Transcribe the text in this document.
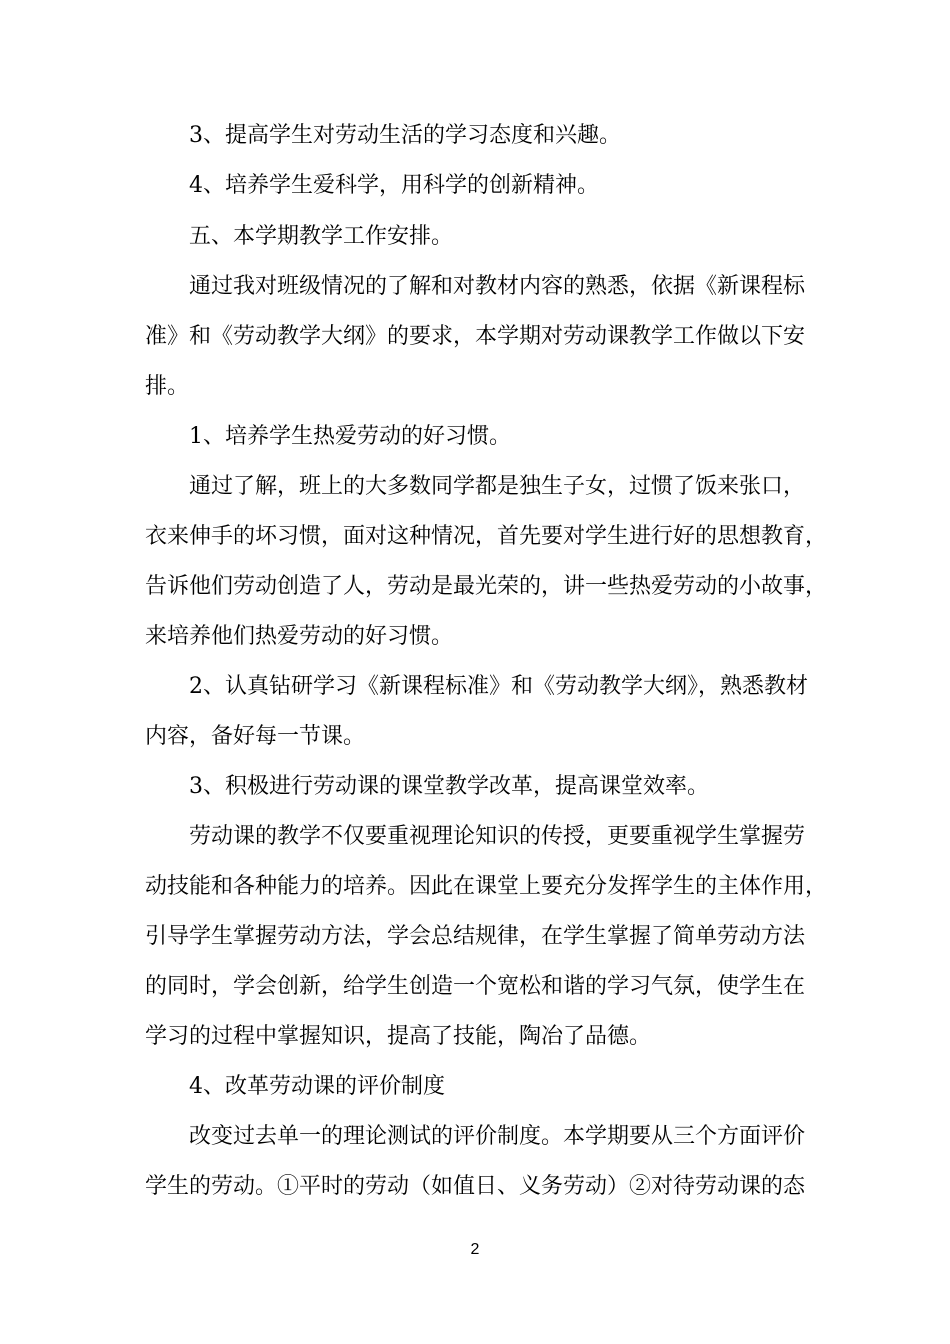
3、提高学生对劳动生活的学习态度和兴趣。
4、培养学生爱科学，用科学的创新精神。
五、本学期教学工作安排。
通过我对班级情况的了解和对教材内容的熟悉，依据《新课程标
准》和《劳动教学大纲》的要求，本学期对劳动课教学工作做以下安
排。
1、培养学生热爱劳动的好习惯。
通过了解，班上的大多数同学都是独生子女，过惯了饭来张口，
衣来伸手的坏习惯，面对这种情况，首先要对学生进行好的思想教育，
告诉他们劳动创造了人，劳动是最光荣的，讲一些热爱劳动的小故事，
来培养他们热爱劳动的好习惯。
2、认真钻研学习《新课程标准》和《劳动教学大纲》，熟悉教材
内容，备好每一节课。
3、积极进行劳动课的课堂教学改革，提高课堂效率。
劳动课的教学不仅要重视理论知识的传授，更要重视学生掌握劳
动技能和各种能力的培养。因此在课堂上要充分发挥学生的主体作用，
引导学生掌握劳动方法，学会总结规律，在学生掌握了简单劳动方法
的同时，学会创新，给学生创造一个宽松和谐的学习气氛，使学生在
学习的过程中掌握知识，提高了技能，陶冶了品德。
4、改革劳动课的评价制度
改变过去单一的理论测试的评价制度。本学期要从三个方面评价
学生的劳动。①平时的劳动（如值日、义务劳动）②对待劳动课的态
2
